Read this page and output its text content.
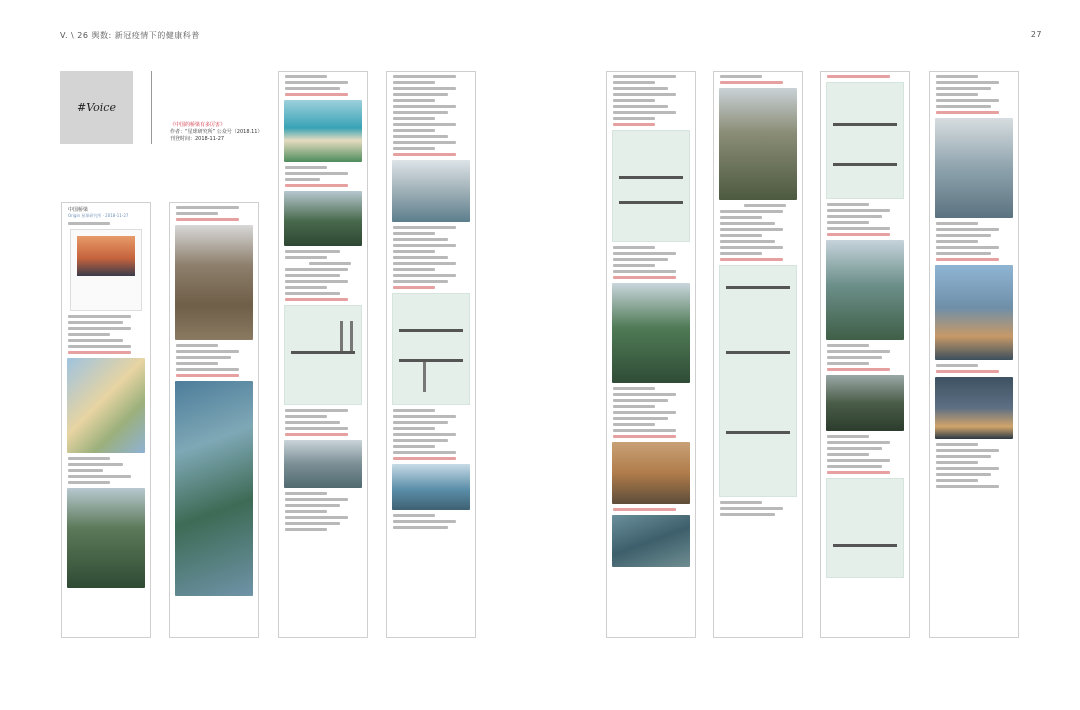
V. \ 26 舆数: 新冠疫情下的健康科普	27
#Voice
《中国的桥梁有多厉害》
作者：“星球研究所” 公众号（2018.11）
刊登时间：2018-11-27
中国桥梁
Origin 星球研究所 · 2018-11-27
